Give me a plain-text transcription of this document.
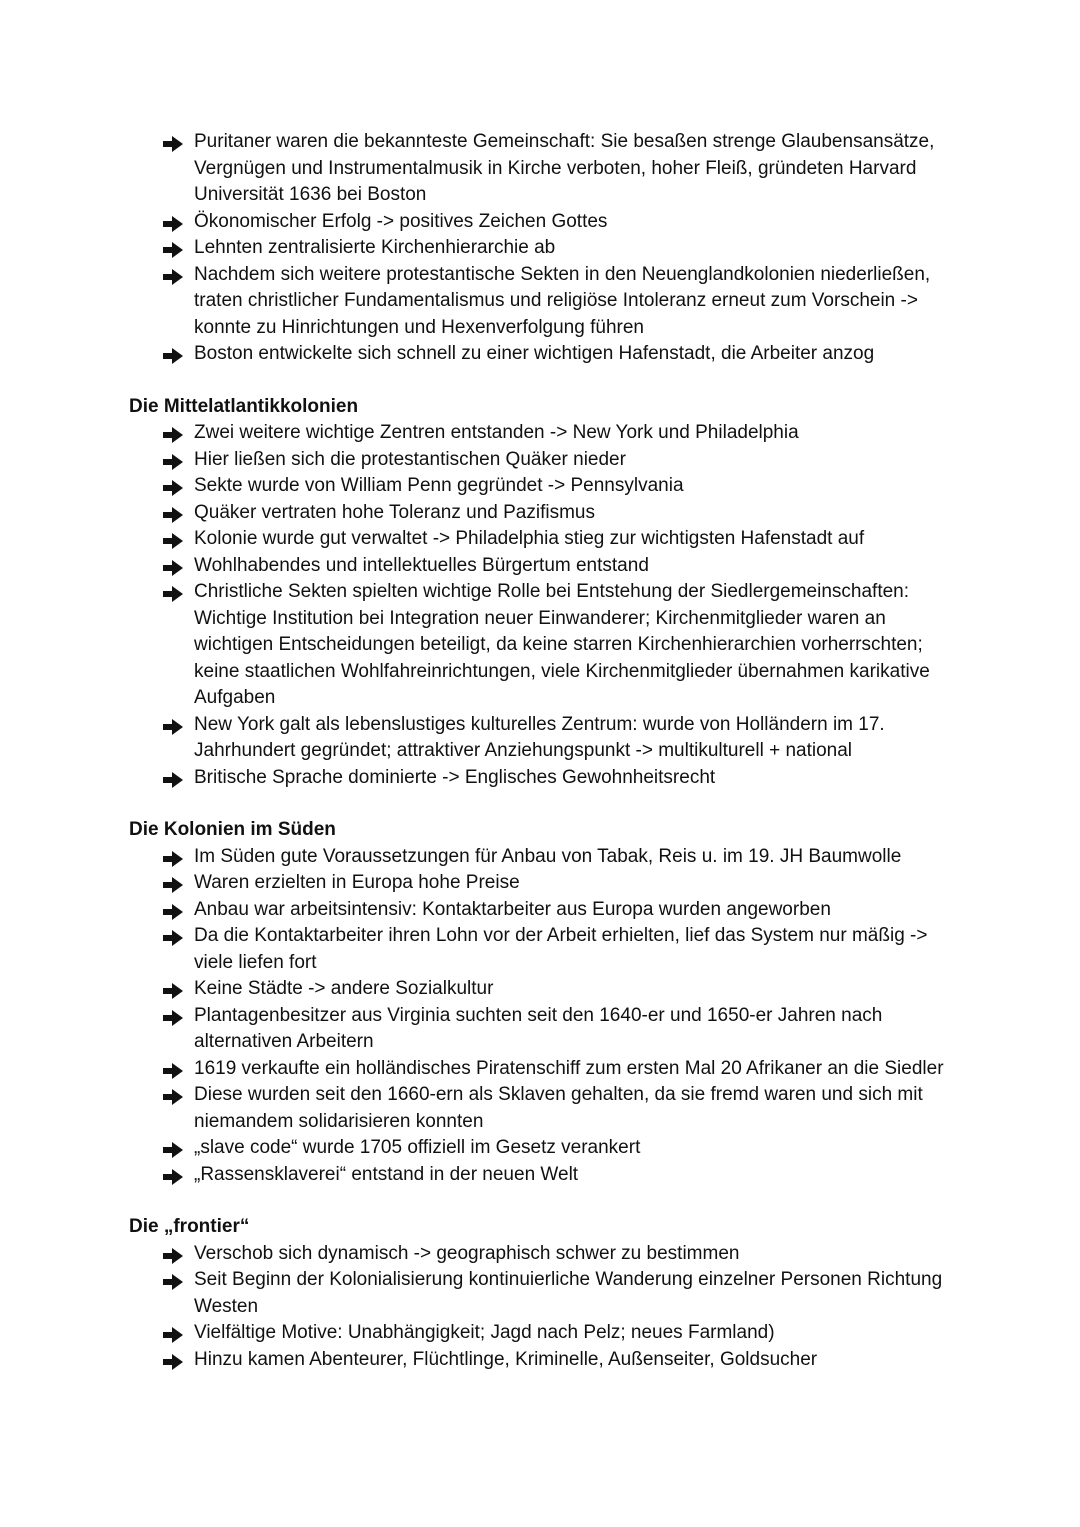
Puritaner waren die bekannteste Gemeinschaft: Sie besaßen strenge Glaubensansätze, Vergnügen und Instrumentalmusik in Kirche verboten, hoher Fleiß, gründeten Harvard Universität 1636 bei Boston
Ökonomischer Erfolg -> positives Zeichen Gottes
Lehnten zentralisierte Kirchenhierarchie ab
Nachdem sich weitere protestantische Sekten in den Neuenglandkolonien niederließen, traten christlicher Fundamentalismus und religiöse Intoleranz erneut zum Vorschein -> konnte zu Hinrichtungen und Hexenverfolgung führen
Boston entwickelte sich schnell zu einer wichtigen Hafenstadt, die Arbeiter anzog
Die Mittelatlantikkolonien
Zwei weitere wichtige Zentren entstanden -> New York und Philadelphia
Hier ließen sich die protestantischen Quäker nieder
Sekte wurde von William Penn gegründet -> Pennsylvania
Quäker vertraten hohe Toleranz und Pazifismus
Kolonie wurde gut verwaltet -> Philadelphia stieg zur wichtigsten Hafenstadt auf
Wohlhabendes und intellektuelles Bürgertum entstand
Christliche Sekten spielten wichtige Rolle bei Entstehung der Siedlergemeinschaften: Wichtige Institution bei Integration neuer Einwanderer; Kirchenmitglieder waren an wichtigen Entscheidungen beteiligt, da keine starren Kirchenhierarchien vorherrschten; keine staatlichen Wohlfahreinrichtungen, viele Kirchenmitglieder übernahmen karikative Aufgaben
New York galt als lebenslustiges kulturelles Zentrum: wurde von Holländern im 17. Jahrhundert gegründet; attraktiver Anziehungspunkt -> multikulturell + national
Britische Sprache dominierte -> Englisches Gewohnheitsrecht
Die Kolonien im Süden
Im Süden gute Voraussetzungen für Anbau von Tabak, Reis u. im 19. JH Baumwolle
Waren erzielten in Europa hohe Preise
Anbau war arbeitsintensiv: Kontaktarbeiter aus Europa wurden angeworben
Da die Kontaktarbeiter ihren Lohn vor der Arbeit erhielten, lief das System nur mäßig -> viele liefen fort
Keine Städte -> andere Sozialkultur
Plantagenbesitzer aus Virginia suchten seit den 1640-er und 1650-er Jahren nach alternativen Arbeitern
1619 verkaufte ein holländisches Piratenschiff zum ersten Mal 20 Afrikaner an die Siedler
Diese wurden seit den 1660-ern als Sklaven gehalten, da sie fremd waren und sich mit niemandem solidarisieren konnten
„slave code“ wurde 1705 offiziell im Gesetz verankert
„Rassensklaverei“ entstand in der neuen Welt
Die „frontier“
Verschob sich dynamisch -> geographisch schwer zu bestimmen
Seit Beginn der Kolonialisierung kontinuierliche Wanderung einzelner Personen Richtung Westen
Vielfältige Motive: Unabhängigkeit; Jagd nach Pelz; neues Farmland)
Hinzu kamen Abenteurer, Flüchtlinge, Kriminelle, Außenseiter, Goldsucher
